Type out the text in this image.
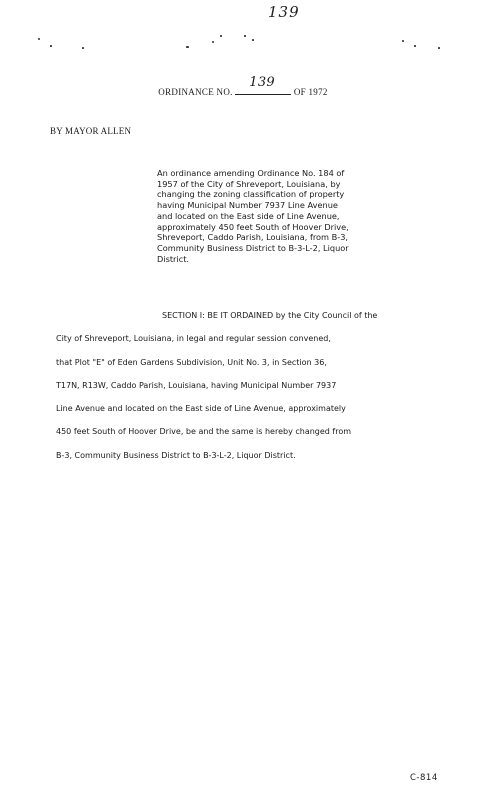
139
ORDINANCE NO.
139
OF 1972
BY MAYOR ALLEN
An ordinance amending Ordinance No. 184 of
1957 of the City of Shreveport, Louisiana, by
changing the zoning classification of property
having Municipal Number 7937 Line Avenue
and located on the East side of Line Avenue,
approximately 450 feet South of Hoover Drive,
Shreveport, Caddo Parish, Louisiana, from B-3,
Community Business District to B-3-L-2, Liquor
District.
SECTION I: BE IT ORDAINED by the City Council of the
City of Shreveport, Louisiana, in legal and regular session convened,
that Plot "E" of Eden Gardens Subdivision, Unit No. 3, in Section 36,
T17N, R13W, Caddo Parish, Louisiana, having Municipal Number 7937
Line Avenue and located on the East side of Line Avenue, approximately
450 feet South of Hoover Drive, be and the same is hereby changed from
B-3, Community Business District to B-3-L-2, Liquor District.
C-814
